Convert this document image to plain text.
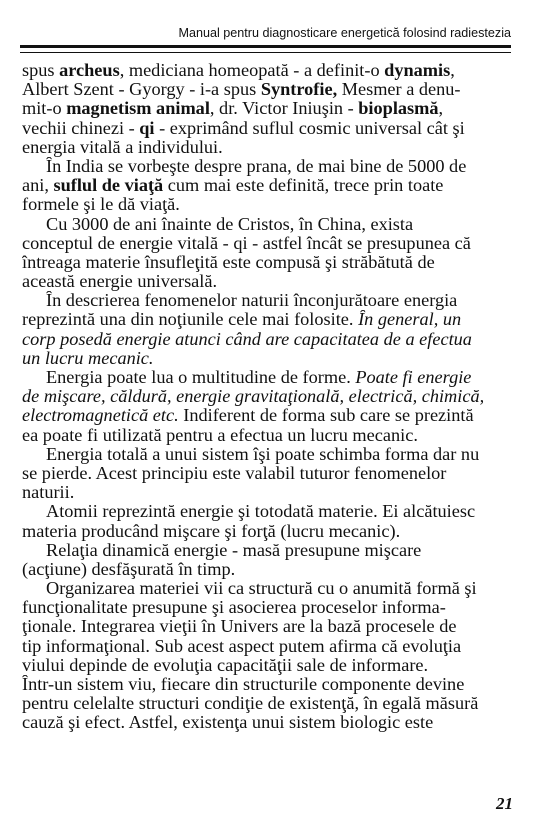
Manual pentru diagnosticare energetică folosind radiestezia
spus archeus, mediciana homeopată - a definit-o dynamis,
Albert Szent - Gyorgy - i-a spus Syntrofie, Mesmer a denu-
mit-o magnetism animal, dr. Victor Iniuşin - bioplasmă,
vechii chinezi - qi - exprimând suflul cosmic universal cât şi
energia vitală a individului.
În India se vorbeşte despre prana, de mai bine de 5000 de
ani, suflul de viaţă cum mai este definită, trece prin toate
formele şi le dă viaţă.
Cu 3000 de ani înainte de Cristos, în China, exista
conceptul de energie vitală - qi - astfel încât se presupunea că
întreaga materie însufleţită este compusă şi străbătută de
această energie universală.
În descrierea fenomenelor naturii înconjurătoare energia
reprezintă una din noţiunile cele mai folosite. În general, un
corp posedă energie atunci când are capacitatea de a efectua
un lucru mecanic.
Energia poate lua o multitudine de forme. Poate fi energie
de mişcare, căldură, energie gravitaţională, electrică, chimică,
electromagnetică etc. Indiferent de forma sub care se prezintă
ea poate fi utilizată pentru a efectua un lucru mecanic.
Energia totală a unui sistem îşi poate schimba forma dar nu
se pierde. Acest principiu este valabil tuturor fenomenelor
naturii.
Atomii reprezintă energie şi totodată materie. Ei alcătuiesc
materia producând mişcare şi forţă (lucru mecanic).
Relaţia dinamică energie - masă presupune mişcare
(acţiune) desfăşurată în timp.
Organizarea materiei vii ca structură cu o anumită formă şi
funcţionalitate presupune şi asocierea proceselor informa-
ţionale. Integrarea vieţii în Univers are la bază procesele de
tip informaţional. Sub acest aspect putem afirma că evoluţia
viului depinde de evoluţia capacităţii sale de informare.
Într-un sistem viu, fiecare din structurile componente devine
pentru celelalte structuri condiţie de existenţă, în egală măsură
cauză şi efect. Astfel, existenţa unui sistem biologic este
21
